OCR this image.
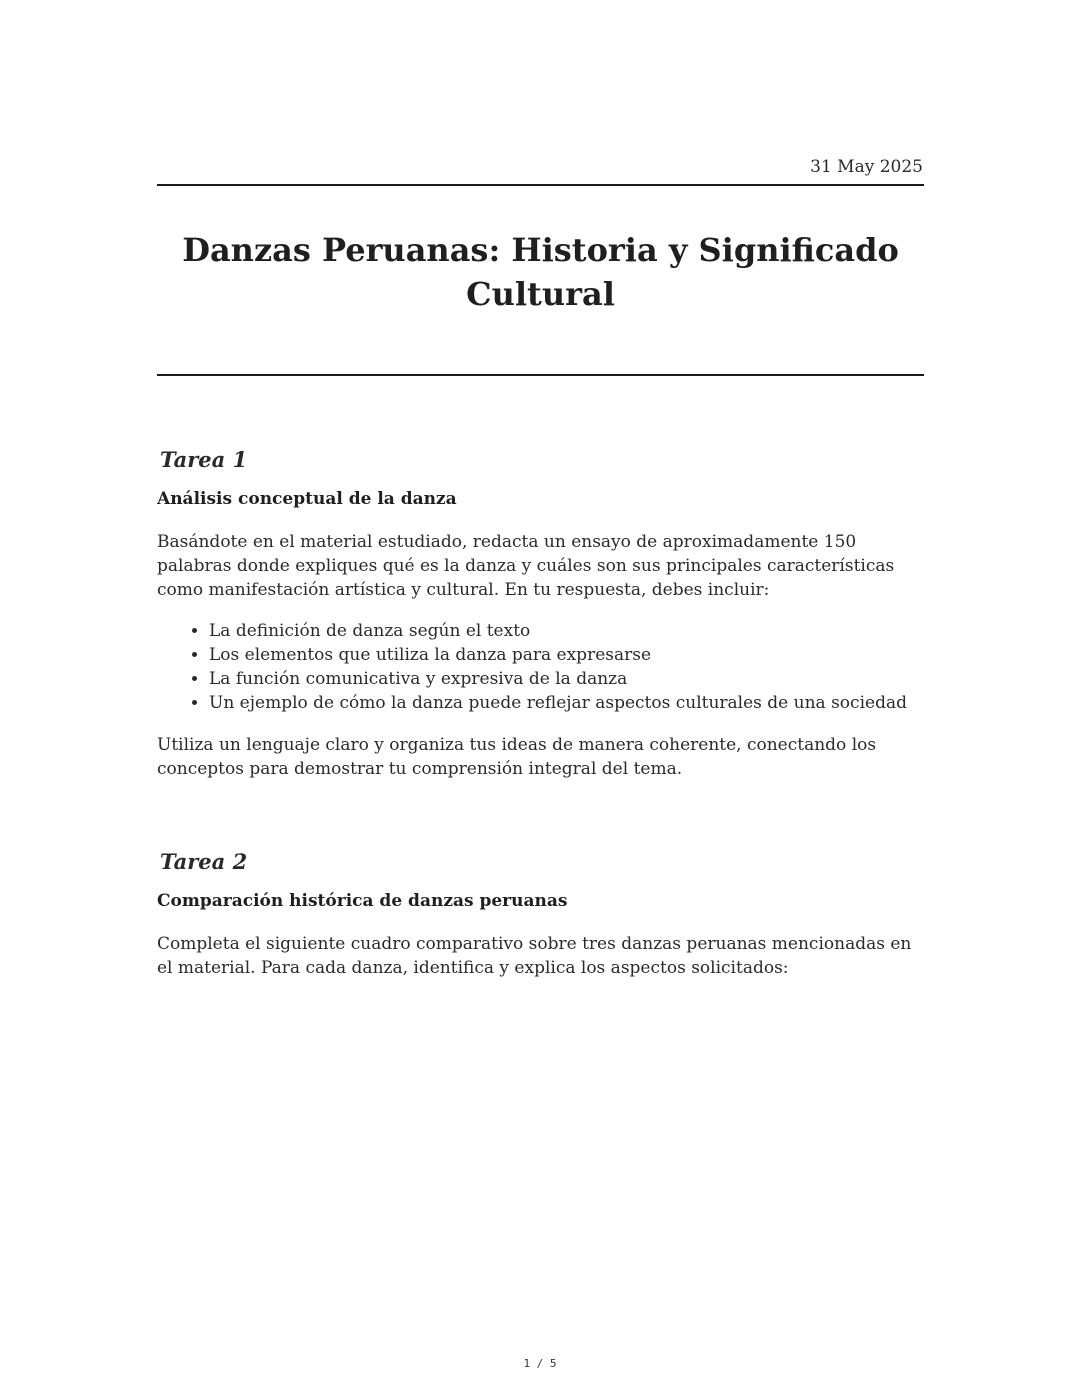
31 May 2025
Danzas Peruanas: Historia y Significado Cultural
Tarea 1
Análisis conceptual de la danza

Basándote en el material estudiado, redacta un ensayo de aproximadamente 150 palabras donde expliques qué es la danza y cuáles son sus principales características como manifestación artística y cultural. En tu respuesta, debes incluir:

• La definición de danza según el texto
• Los elementos que utiliza la danza para expresarse
• La función comunicativa y expresiva de la danza
• Un ejemplo de cómo la danza puede reflejar aspectos culturales de una sociedad

Utiliza un lenguaje claro y organiza tus ideas de manera coherente, conectando los conceptos para demostrar tu comprensión integral del tema.

Tarea 2
Comparación histórica de danzas peruanas

Completa el siguiente cuadro comparativo sobre tres danzas peruanas mencionadas en el material. Para cada danza, identifica y explica los aspectos solicitados:

1 / 5
